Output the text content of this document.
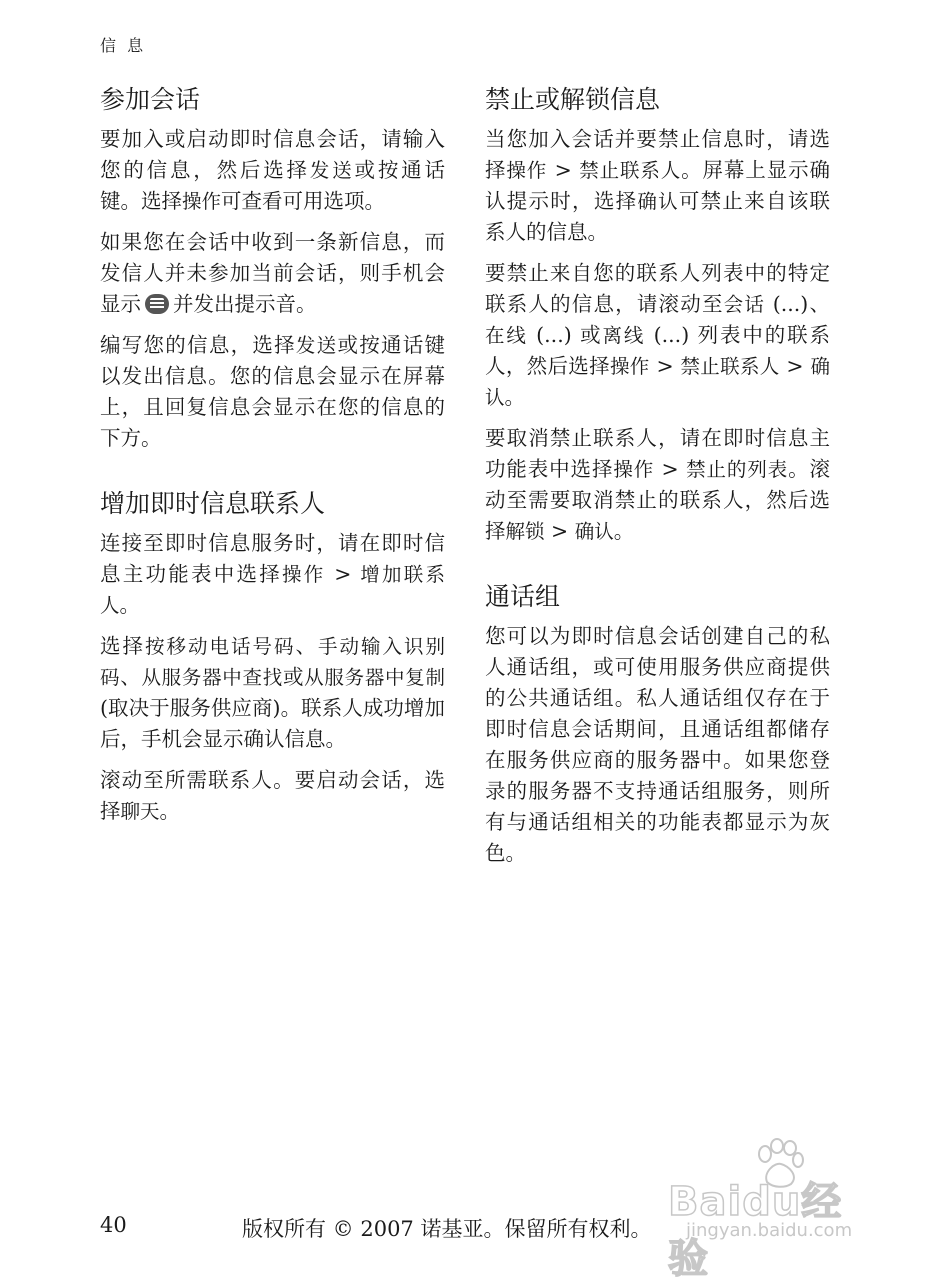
信 息
参加会话

要加入或启动即时信息会话，请输入您的信息，然后选择发送或按通话键。选择操作可查看可用选项。

如果您在会话中收到一条新信息，而发信人并未参加当前会话，则手机会显示 并发出提示音。

编写您的信息，选择发送或按通话键以发出信息。您的信息会显示在屏幕上，且回复信息会显示在您的信息的下方。

增加即时信息联系人

连接至即时信息服务时，请在即时信息主功能表中选择操作 > 增加联系人。

选择按移动电话号码、手动输入识别码、从服务器中查找或从服务器中复制 (取决于服务供应商)。联系人成功增加后，手机会显示确认信息。

滚动至所需联系人。要启动会话，选择聊天。

禁止或解锁信息

当您加入会话并要禁止信息时，请选择操作 > 禁止联系人。屏幕上显示确认提示时，选择确认可禁止来自该联系人的信息。

要禁止来自您的联系人列表中的特定联系人的信息，请滚动至会话 (...)、在线 (...) 或离线 (...) 列表中的联系人，然后选择操作 > 禁止联系人 > 确认。

要取消禁止联系人，请在即时信息主功能表中选择操作 > 禁止的列表。滚动至需要取消禁止的联系人，然后选择解锁 > 确认。

通话组

您可以为即时信息会话创建自己的私人通话组，或可使用服务供应商提供的公共通话组。私人通话组仅存在于即时信息会话期间，且通话组都储存在服务供应商的服务器中。如果您登录的服务器不支持通话组服务，则所有与通话组相关的功能表都显示为灰色。

40	版权所有 © 2007 诺基亚。保留所有权利。
Baidu经验
jingyan.baidu.com
